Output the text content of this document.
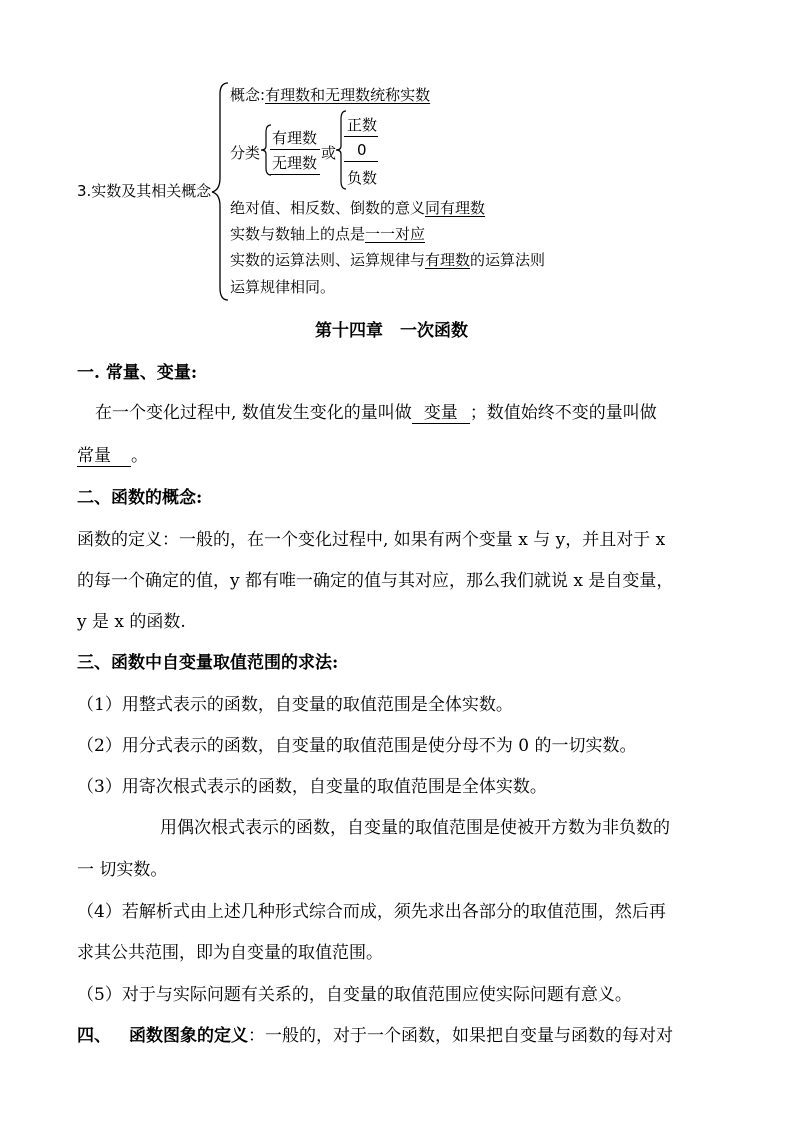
3.实数及其相关概念
概念:有理数和无理数统称实数
分类
有理数
无理数
或
正数
0
负数
绝对值、相反数、倒数的意义同有理数
实数与数轴上的点是一一对应
实数的运算法则、运算规律与有理数的运算法则
运算规律相同。
第十四章　一次函数
一. 常量、变量:
在一个变化过程中, 数值发生变化的量叫做 变量 ；数值始终不变的量叫做
常量 。
二、函数的概念:
函数的定义：一般的，在一个变化过程中, 如果有两个变量 x 与 y，并且对于 x
的每一个确定的值，y 都有唯一确定的值与其对应，那么我们就说 x 是自变量，
y 是 x 的函数.
三、函数中自变量取值范围的求法:
（1）用整式表示的函数，自变量的取值范围是全体实数。
（2）用分式表示的函数，自变量的取值范围是使分母不为 0 的一切实数。
（3）用寄次根式表示的函数，自变量的取值范围是全体实数。
用偶次根式表示的函数，自变量的取值范围是使被开方数为非负数的
一 切实数。
（4）若解析式由上述几种形式综合而成，须先求出各部分的取值范围，然后再
求其公共范围，即为自变量的取值范围。
（5）对于与实际问题有关系的，自变量的取值范围应使实际问题有意义。
四、 函数图象的定义：一般的，对于一个函数，如果把自变量与函数的每对对
